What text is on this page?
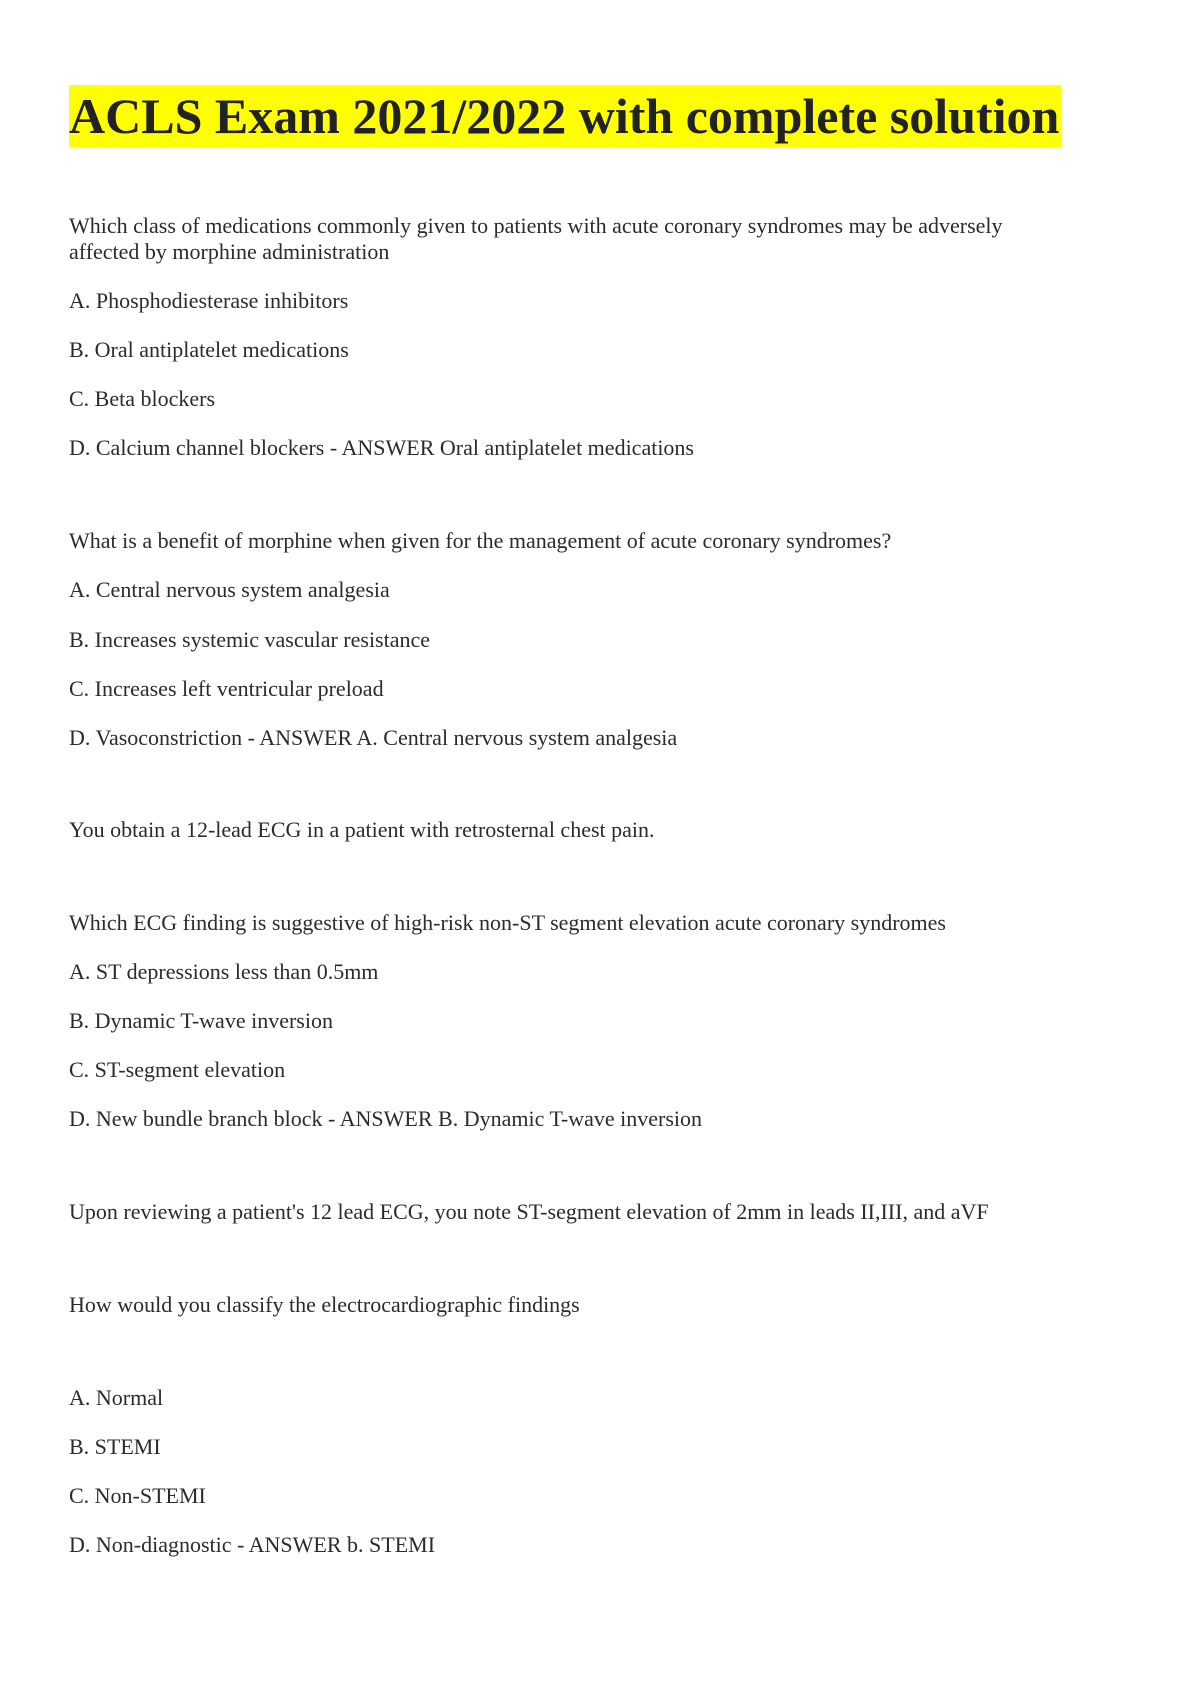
ACLS Exam 2021/2022 with complete solution

Which class of medications commonly given to patients with acute coronary syndromes may be adversely

affected by morphine administration

A. Phosphodiesterase inhibitors

B. Oral antiplatelet medications

C. Beta blockers

D. Calcium channel blockers - ANSWER Oral antiplatelet medications

What is a benefit of morphine when given for the management of acute coronary syndromes?

A. Central nervous system analgesia

B. Increases systemic vascular resistance

C. Increases left ventricular preload

D. Vasoconstriction - ANSWER A. Central nervous system analgesia

You obtain a 12-lead ECG in a patient with retrosternal chest pain.

Which ECG finding is suggestive of high-risk non-ST segment elevation acute coronary syndromes

A. ST depressions less than 0.5mm

B. Dynamic T-wave inversion

C. ST-segment elevation

D. New bundle branch block - ANSWER B. Dynamic T-wave inversion

Upon reviewing a patient's 12 lead ECG, you note ST-segment elevation of 2mm in leads II,III, and aVF

How would you classify the electrocardiographic findings

A. Normal

B. STEMI

C. Non-STEMI

D. Non-diagnostic - ANSWER b. STEMI
